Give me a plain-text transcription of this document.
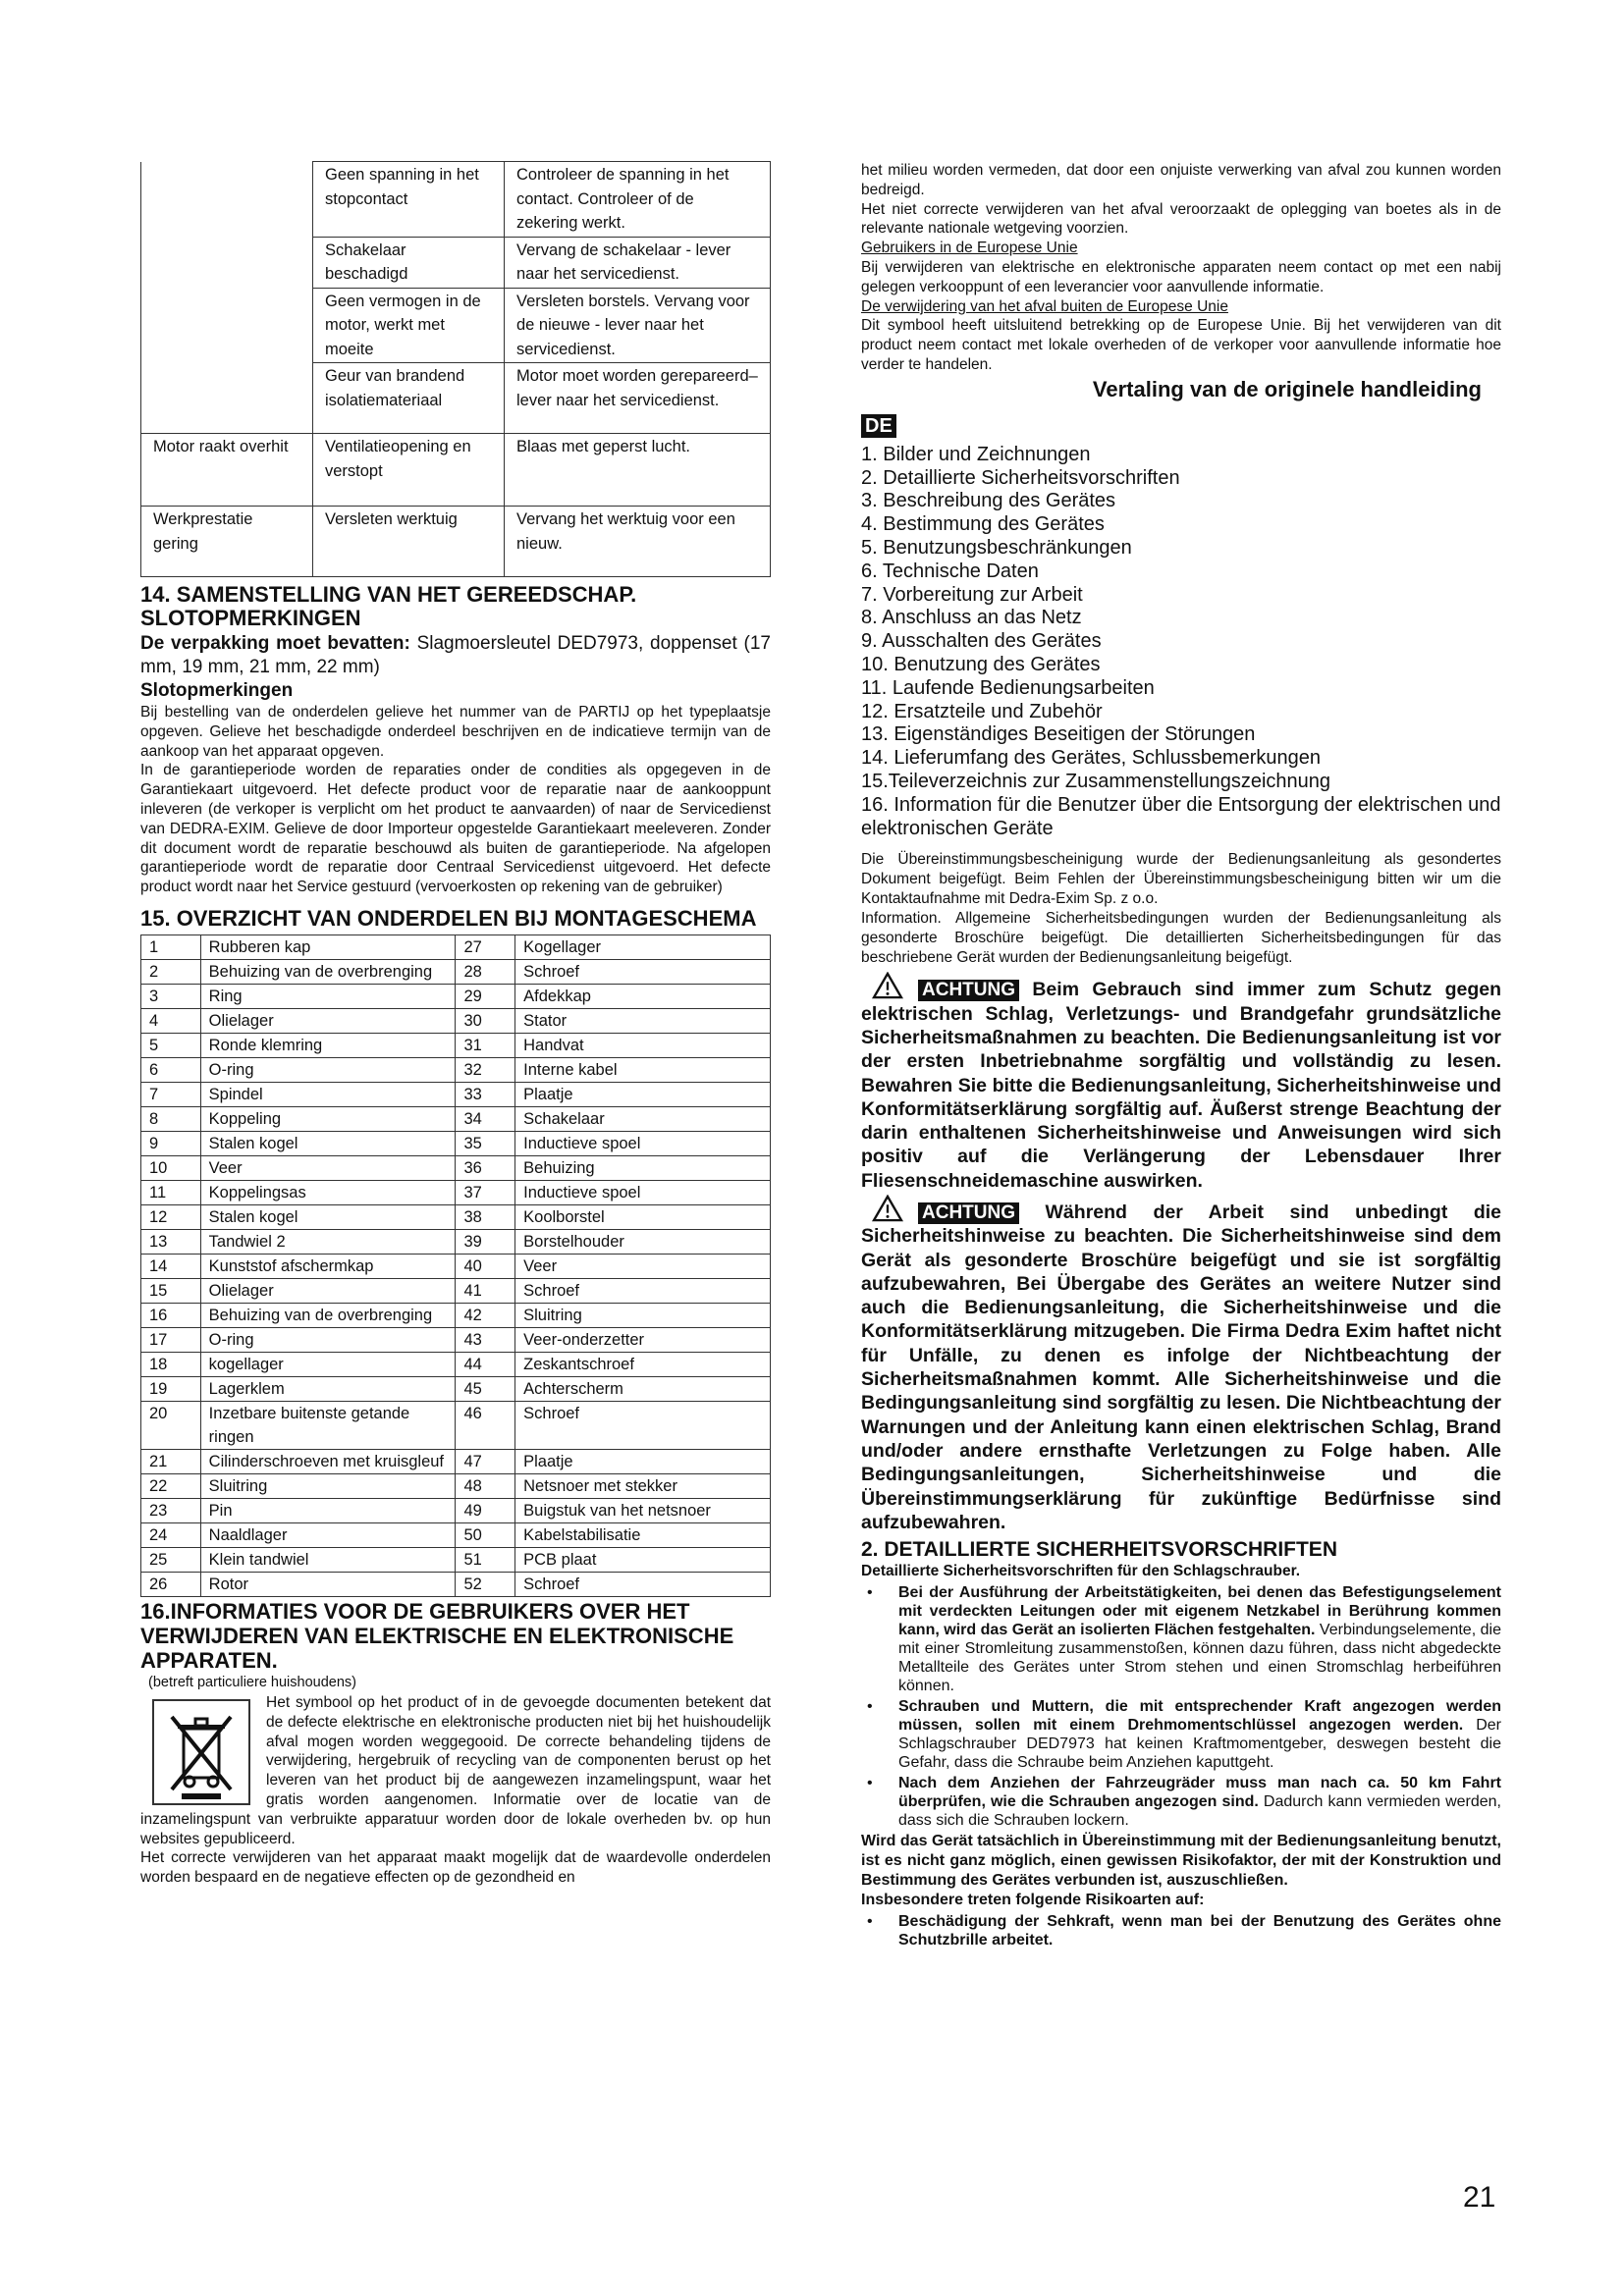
	Geen spanning in het stopcontact	Controleer de spanning in het contact. Controleer of de zekering werkt.
	Schakelaar beschadigd	Vervang de schakelaar - lever naar het servicedienst.
	Geen vermogen in de motor, werkt met moeite	Versleten borstels. Vervang voor de nieuwe - lever naar het servicedienst.
	Geur van brandend isolatiemateriaal	Motor moet worden gerepareerd– lever naar het servicedienst.
Motor raakt overhit	Ventilatieopening en verstopt	Blaas met geperst lucht.
Werkprestatie gering	Versleten werktuig	Vervang het werktuig voor een nieuw.
14. SAMENSTELLING VAN HET GEREEDSCHAP. SLOTOPMERKINGEN

De verpakking moet bevatten: Slagmoersleutel DED7973, doppenset (17 mm, 19 mm, 21 mm, 22 mm)

Slotopmerkingen

Bij bestelling van de onderdelen gelieve het nummer van de PARTIJ op het typeplaatsje opgeven. Gelieve het beschadigde onderdeel beschrijven en de indicatieve termijn van de aankoop van het apparaat opgeven.

In de garantieperiode worden de reparaties onder de condities als opgegeven in de Garantiekaart uitgevoerd. Het defecte product voor de reparatie naar de aankooppunt inleveren (de verkoper is verplicht om het product te aanvaarden) of naar de Servicedienst van DEDRA-EXIM. Gelieve de door Importeur opgestelde Garantiekaart meeleveren. Zonder dit document wordt de reparatie beschouwd als buiten de garantieperiode. Na afgelopen garantieperiode wordt de reparatie door Centraal Servicedienst uitgevoerd. Het defecte product wordt naar het Service gestuurd (vervoerkosten op rekening van de gebruiker)

15. OVERZICHT VAN ONDERDELEN BIJ MONTAGESCHEMA
1	Rubberen kap	27	Kogellager
2	Behuizing van de overbrenging	28	Schroef
3	Ring	29	Afdekkap
4	Olielager	30	Stator
5	Ronde klemring	31	Handvat
6	O-ring	32	Interne kabel
7	Spindel	33	Plaatje
8	Koppeling	34	Schakelaar
9	Stalen kogel	35	Inductieve spoel
10	Veer	36	Behuizing
11	Koppelingsas	37	Inductieve spoel
12	Stalen kogel	38	Koolborstel
13	Tandwiel 2	39	Borstelhouder
14	Kunststof afschermkap	40	Veer
15	Olielager	41	Schroef
16	Behuizing van de overbrenging	42	Sluitring
17	O-ring	43	Veer-onderzetter
18	kogellager	44	Zeskantschroef
19	Lagerklem	45	Achterscherm
20	Inzetbare buitenste getande ringen	46	Schroef
21	Cilinderschroeven met kruisgleuf	47	Plaatje
22	Sluitring	48	Netsnoer met stekker
23	Pin	49	Buigstuk van het netsnoer
24	Naaldlager	50	Kabelstabilisatie
25	Klein tandwiel	51	PCB plaat
26	Rotor	52	Schroef
16.INFORMATIES VOOR DE GEBRUIKERS OVER HET VERWIJDEREN VAN ELEKTRISCHE EN ELEKTRONISCHE APPARATEN.

(betreft particuliere huishoudens)

Het symbool op het product of in de gevoegde documenten betekent dat de defecte elektrische en elektronische producten niet bij het huishoudelijk afval mogen worden weggegooid. De correcte behandeling tijdens de verwijdering, hergebruik of recycling van de componenten berust op het leveren van het product bij de aangewezen inzamelingspunt, waar het gratis worden aangenomen. Informatie over de locatie van de inzamelingspunt van verbruikte apparatuur worden door de lokale overheden bv. op hun websites gepubliceerd.

Het correcte verwijderen van het apparaat maakt mogelijk dat de waardevolle onderdelen worden bespaard en de negatieve effecten op de gezondheid en

het milieu worden vermeden, dat door een onjuiste verwerking van afval zou kunnen worden bedreigd.

Het niet correcte verwijderen van het afval veroorzaakt de oplegging van boetes als in de relevante nationale wetgeving voorzien.

Gebruikers in de Europese Unie

Bij verwijderen van elektrische en elektronische apparaten neem contact op met een nabij gelegen verkooppunt of een leverancier voor aanvullende informatie.

De verwijdering van het afval buiten de Europese Unie

Dit symbool heeft uitsluitend betrekking op de Europese Unie. Bij het verwijderen van dit product neem contact met lokale overheden of de verkoper voor aanvullende informatie hoe verder te handelen.

Vertaling van de originele handleiding

DE
1. Bilder und Zeichnungen
2. Detaillierte Sicherheitsvorschriften
3. Beschreibung des Gerätes
4. Bestimmung des Gerätes
5. Benutzungsbeschränkungen
6. Technische Daten
7. Vorbereitung zur Arbeit
8. Anschluss an das Netz
9. Ausschalten des Gerätes
10. Benutzung des Gerätes
11. Laufende Bedienungsarbeiten
12. Ersatzteile und Zubehör
13. Eigenständiges Beseitigen der Störungen
14. Lieferumfang des Gerätes, Schlussbemerkungen
15.Teileverzeichnis zur Zusammenstellungszeichnung
16. Information für die Benutzer über die Entsorgung der elektrischen und elektronischen Geräte

Die Übereinstimmungsbescheinigung wurde der Bedienungsanleitung als gesondertes Dokument beigefügt. Beim Fehlen der Übereinstimmungsbescheinigung bitten wir um die Kontaktaufnahme mit Dedra-Exim Sp. z o.o.

Information. Allgemeine Sicherheitsbedingungen wurden der Bedienungsanleitung als gesonderte Broschüre beigefügt. Die detaillierten Sicherheitsbedingungen für das beschriebene Gerät wurden der Bedienungsanleitung beigefügt.

ACHTUNG Beim Gebrauch sind immer zum Schutz gegen elektrischen Schlag, Verletzungs- und Brandgefahr grundsätzliche Sicherheitsmaßnahmen zu beachten. Die Bedienungsanleitung ist vor der ersten Inbetriebnahme sorgfältig und vollständig zu lesen. Bewahren Sie bitte die Bedienungsanleitung, Sicherheitshinweise und Konformitätserklärung sorgfältig auf. Äußerst strenge Beachtung der darin enthaltenen Sicherheitshinweise und Anweisungen wird sich positiv auf die Verlängerung der Lebensdauer Ihrer Fliesenschneidemaschine auswirken.

ACHTUNG Während der Arbeit sind unbedingt die Sicherheitshinweise zu beachten. Die Sicherheitshinweise sind dem Gerät als gesonderte Broschüre beigefügt und sie ist sorgfältig aufzubewahren, Bei Übergabe des Gerätes an weitere Nutzer sind auch die Bedienungsanleitung, die Sicherheitshinweise und die Konformitätserklärung mitzugeben. Die Firma Dedra Exim haftet nicht für Unfälle, zu denen es infolge der Nichtbeachtung der Sicherheitsmaßnahmen kommt. Alle Sicherheitshinweise und die Bedingungsanleitung sind sorgfältig zu lesen. Die Nichtbeachtung der Warnungen und der Anleitung kann einen elektrischen Schlag, Brand und/oder andere ernsthafte Verletzungen zu Folge haben. Alle Bedingungsanleitungen, Sicherheitshinweise und die Übereinstimmungserklärung für zukünftige Bedürfnisse sind aufzubewahren.

2. DETAILLIERTE SICHERHEITSVORSCHRIFTEN

Detaillierte Sicherheitsvorschriften für den Schlagschrauber.

• Bei der Ausführung der Arbeitstätigkeiten, bei denen das Befestigungselement mit verdeckten Leitungen oder mit eigenem Netzkabel in Berührung kommen kann, wird das Gerät an isolierten Flächen festgehalten. Verbindungselemente, die mit einer Stromleitung zusammenstoßen, können dazu führen, dass nicht abgedeckte Metallteile des Gerätes unter Strom stehen und einen Stromschlag herbeiführen können.

• Schrauben und Muttern, die mit entsprechender Kraft angezogen werden müssen, sollen mit einem Drehmomentschlüssel angezogen werden. Der Schlagschrauber DED7973 hat keinen Kraftmomentgeber, deswegen besteht die Gefahr, dass die Schraube beim Anziehen kaputtgeht.

• Nach dem Anziehen der Fahrzeugräder muss man nach ca. 50 km Fahrt überprüfen, wie die Schrauben angezogen sind. Dadurch kann vermieden werden, dass sich die Schrauben lockern.

Wird das Gerät tatsächlich in Übereinstimmung mit der Bedienungsanleitung benutzt, ist es nicht ganz möglich, einen gewissen Risikofaktor, der mit der Konstruktion und Bestimmung des Gerätes verbunden ist, auszuschließen.

Insbesondere treten folgende Risikoarten auf:

• Beschädigung der Sehkraft, wenn man bei der Benutzung des Gerätes ohne Schutzbrille arbeitet.

21
